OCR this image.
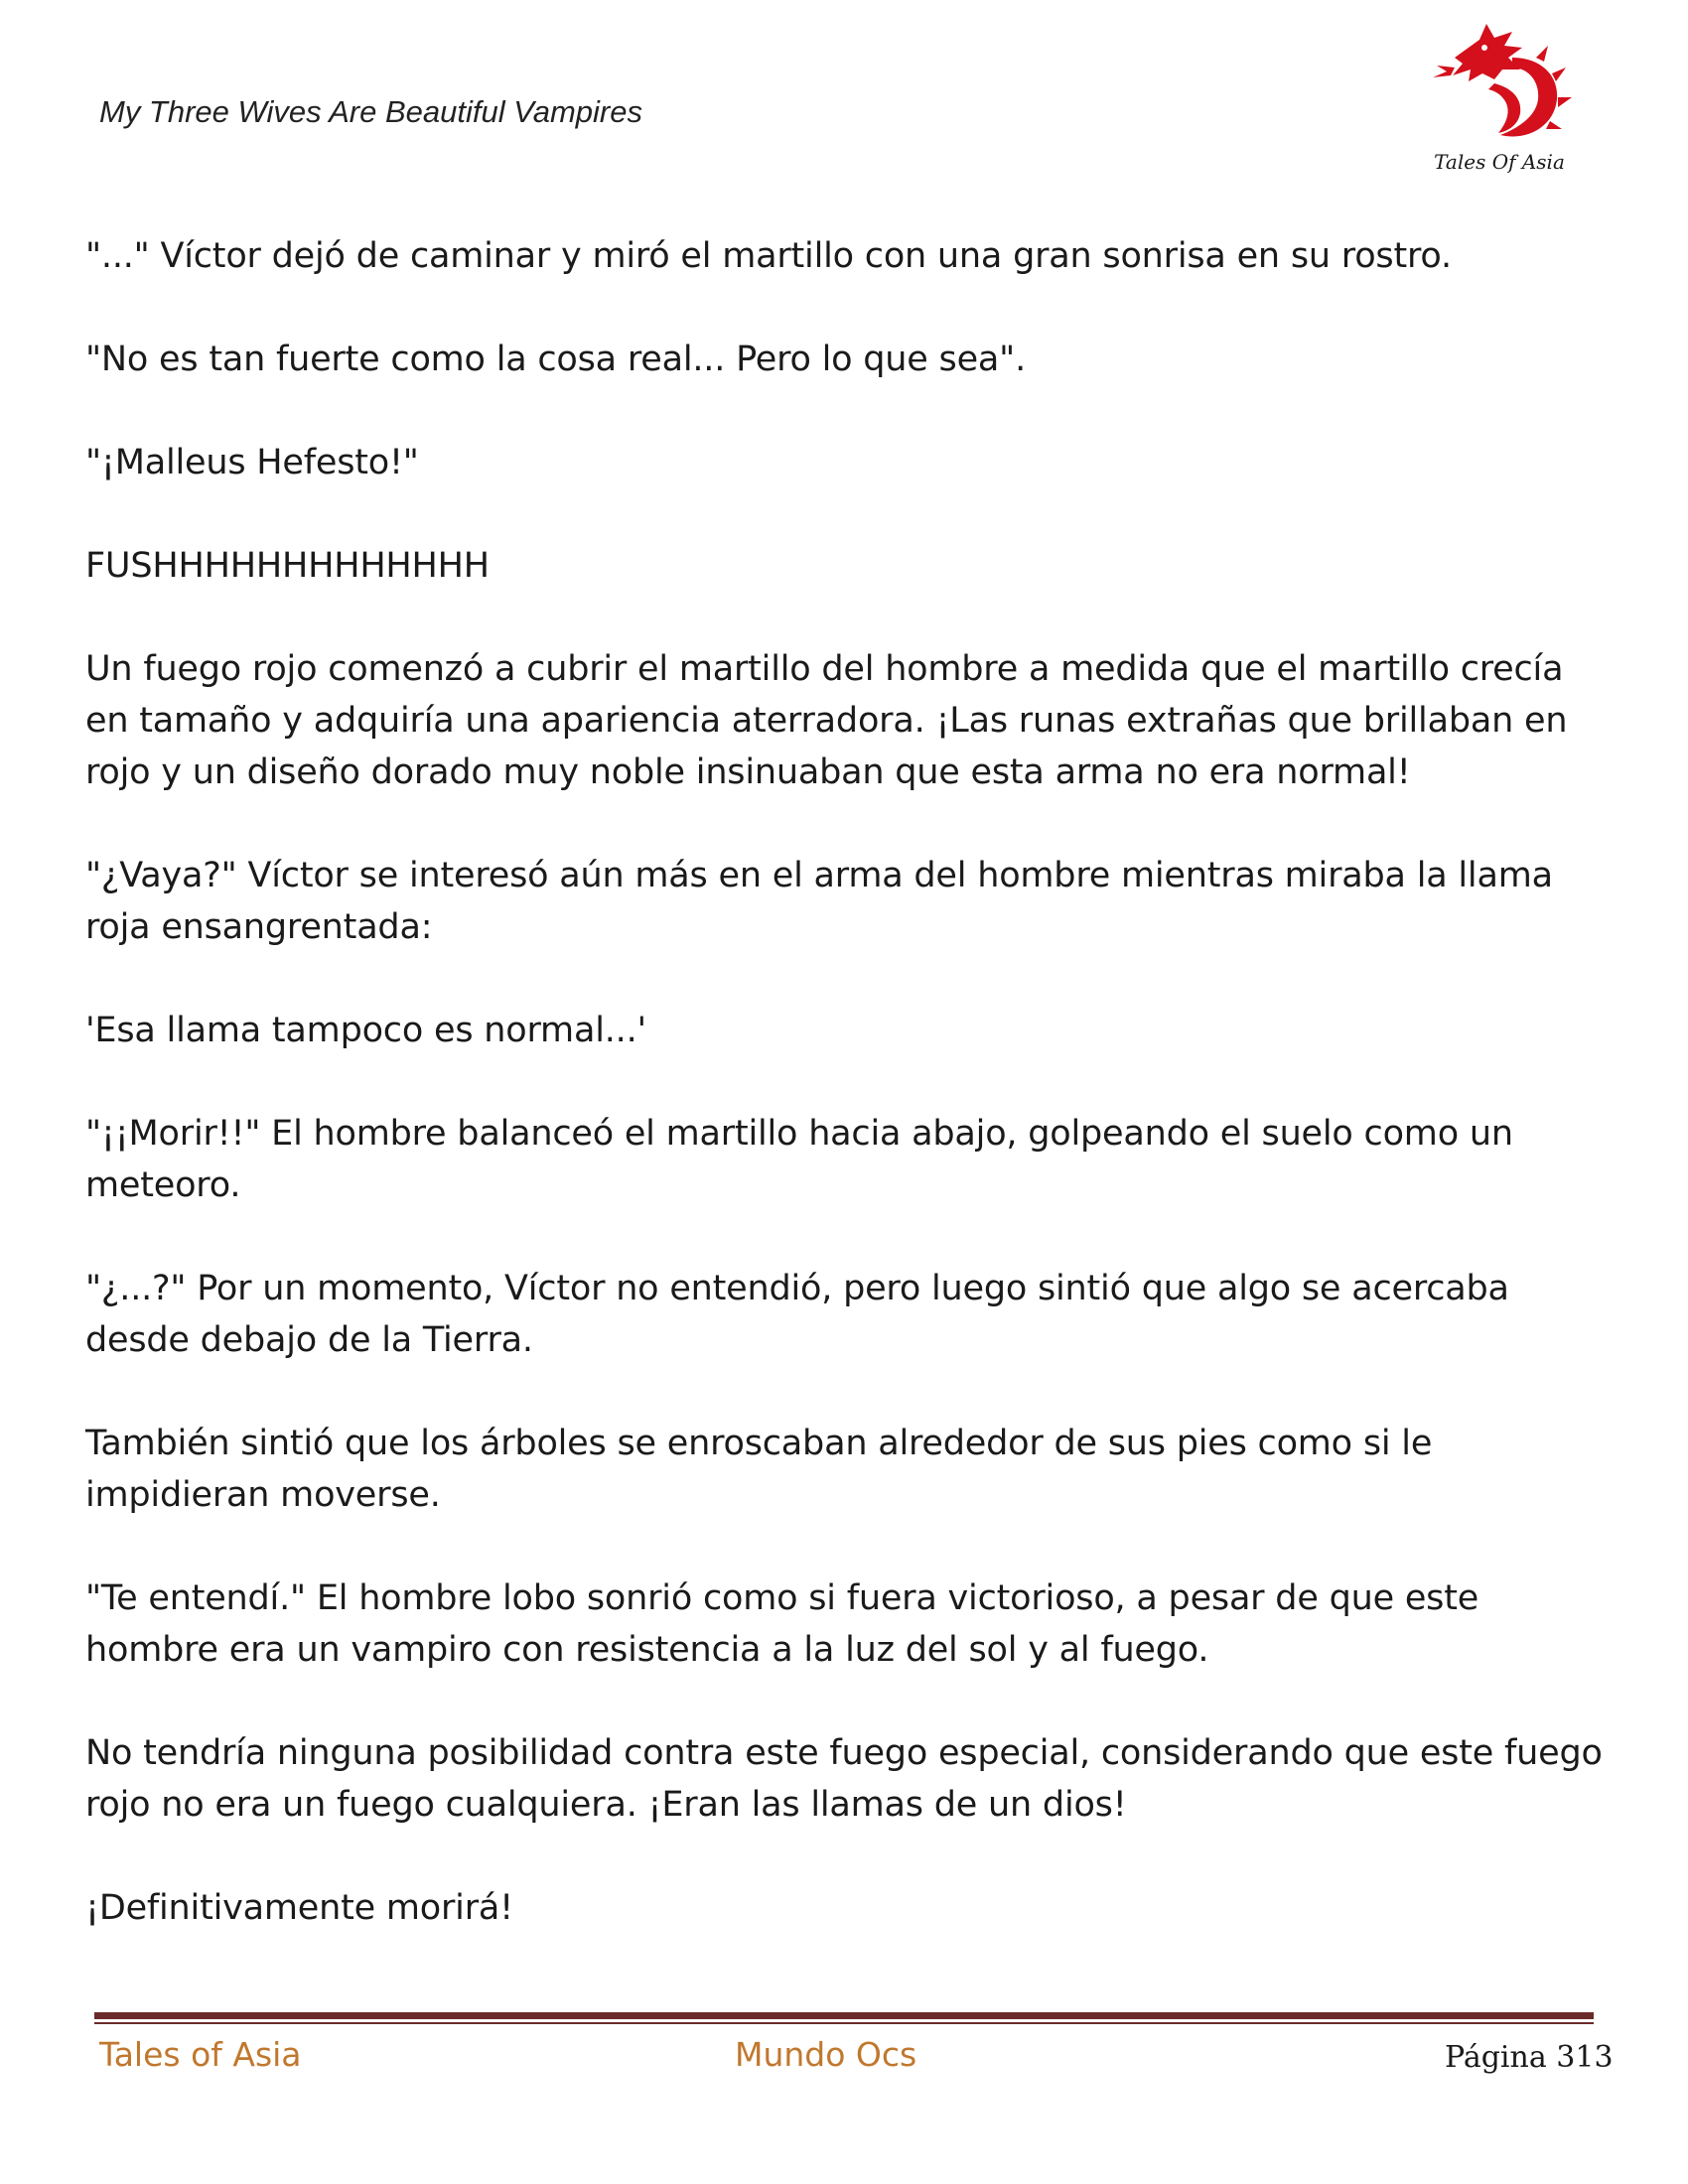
My Three Wives Are Beautiful Vampires
Tales Of Asia

"..." Víctor dejó de caminar y miró el martillo con una gran sonrisa en su rostro.

"No es tan fuerte como la cosa real... Pero lo que sea".

"¡Malleus Hefesto!"

FUSHHHHHHHHHHHHH

Un fuego rojo comenzó a cubrir el martillo del hombre a medida que el martillo crecía en tamaño y adquiría una apariencia aterradora. ¡Las runas extrañas que brillaban en rojo y un diseño dorado muy noble insinuaban que esta arma no era normal!

"¿Vaya?" Víctor se interesó aún más en el arma del hombre mientras miraba la llama roja ensangrentada:

'Esa llama tampoco es normal...'

"¡¡Morir!!" El hombre balanceó el martillo hacia abajo, golpeando el suelo como un meteoro.

"¿...?" Por un momento, Víctor no entendió, pero luego sintió que algo se acercaba desde debajo de la Tierra.

También sintió que los árboles se enroscaban alrededor de sus pies como si le impidieran moverse.

"Te entendí." El hombre lobo sonrió como si fuera victorioso, a pesar de que este hombre era un vampiro con resistencia a la luz del sol y al fuego.

No tendría ninguna posibilidad contra este fuego especial, considerando que este fuego rojo no era un fuego cualquiera. ¡Eran las llamas de un dios!

¡Definitivamente morirá!

Tales of Asia	Mundo Ocs	Página 313
